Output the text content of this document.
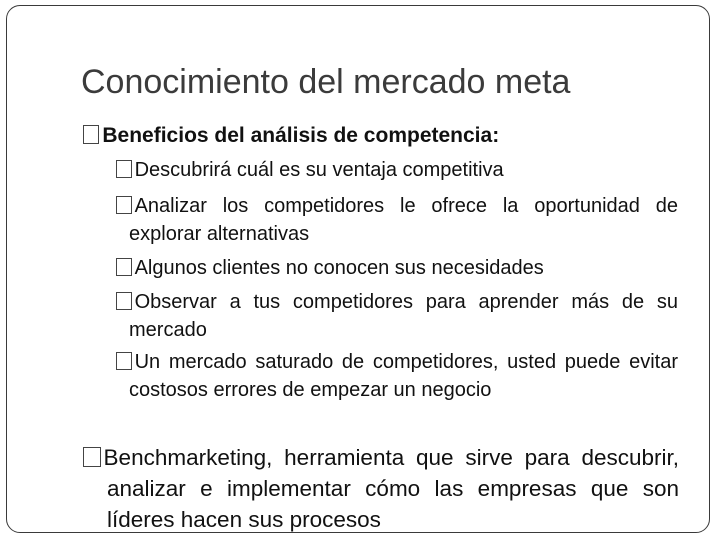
Conocimiento del mercado meta

Beneficios del análisis de competencia:

Descubrirá cuál es su ventaja competitiva

Analizar los competidores le ofrece la oportunidad de explorar alternativas

Algunos clientes no conocen sus necesidades

Observar a tus competidores para aprender más de su mercado

Un mercado saturado de competidores, usted puede evitar costosos errores de empezar un negocio

Benchmarketing, herramienta que sirve para descubrir, analizar e implementar cómo las empresas que son líderes hacen sus procesos
